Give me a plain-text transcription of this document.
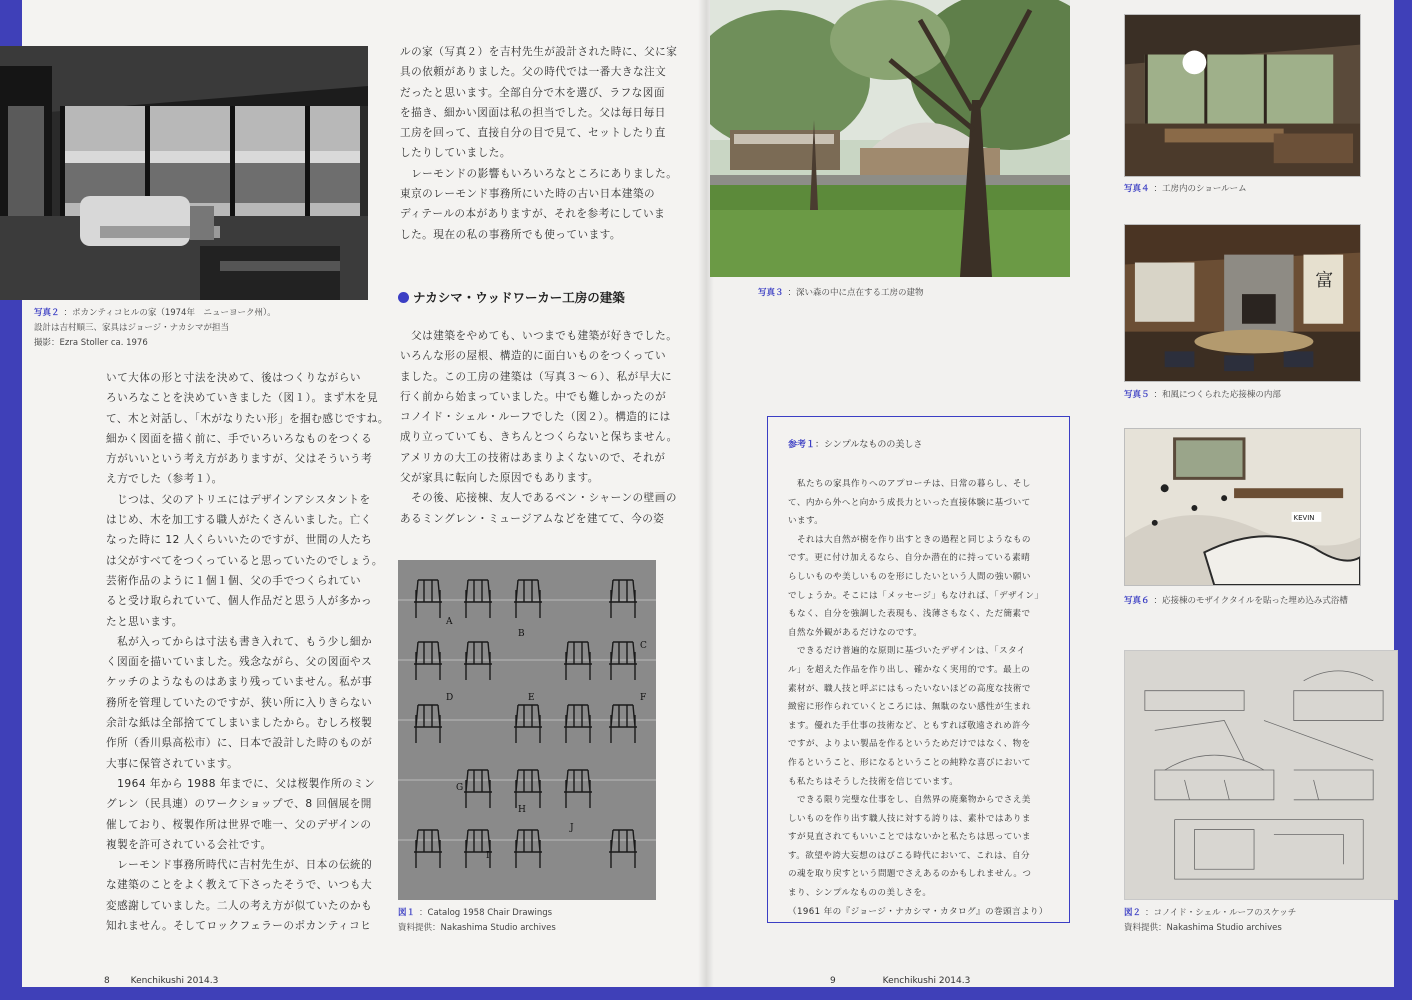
写真２ ：ポカンティコヒルの家（1974年　ニューヨーク州）。
設計は吉村順三、家具はジョージ・ナカシマが担当
撮影：Ezra Stoller ca. 1976

いて大体の形と寸法を決めて、後はつくりながらい

ろいろなことを決めていきました（図１）。まず木を見

て、木と対話し、「木がなりたい形」を掴む感じですね。

細かく図面を描く前に、手でいろいろなものをつくる

方がいいという考え方がありますが、父はそういう考

え方でした（参考１）。

　じつは、父のアトリエにはデザインアシスタントを

はじめ、木を加工する職人がたくさんいました。亡く

なった時に 12 人くらいいたのですが、世間の人たち

は父がすべてをつくっていると思っていたのでしょう。

芸術作品のように１個１個、父の手でつくられてい

ると受け取られていて、個人作品だと思う人が多かっ

たと思います。

　私が入ってからは寸法も書き入れて、もう少し細か

く図面を描いていました。残念ながら、父の図面やス

ケッチのようなものはあまり残っていません。私が事

務所を管理していたのですが、狭い所に入りきらない

余計な紙は全部捨ててしまいましたから。むしろ桜製

作所（香川県高松市）に、日本で設計した時のものが

大事に保管されています。

　1964 年から 1988 年までに、父は桜製作所のミン

グレン（民具連）のワークショップで、8 回個展を開

催しており、桜製作所は世界で唯一、父のデザインの

複製を許可されている会社です。

　レーモンド事務所時代に吉村先生が、日本の伝統的

な建築のことをよく教えて下さったそうで、いつも大

変感謝していました。二人の考え方が似ていたのかも

知れません。そしてロックフェラーのポカンティコヒ

ルの家（写真２）を吉村先生が設計された時に、父に家

具の依頼がありました。父の時代では一番大きな注文

だったと思います。全部自分で木を選び、ラフな図面

を描き、細かい図面は私の担当でした。父は毎日毎日

工房を回って、直接自分の目で見て、セットしたり直

したりしていました。

　レーモンドの影響もいろいろなところにありました。

東京のレーモンド事務所にいた時の古い日本建築の

ディテールの本がありますが、それを参考にしていま

した。現在の私の事務所でも使っています。

ナカシマ・ウッドワーカー工房の建築

　父は建築をやめても、いつまでも建築が好きでした。

いろんな形の屋根、構造的に面白いものをつくってい

ました。この工房の建築は（写真３〜６）、私が早大に

行く前から始まっていました。中でも難しかったのが

コノイド・シェル・ルーフでした（図２）。構造的には

成り立っていても、きちんとつくらないと保ちません。

アメリカの大工の技術はあまりよくないので、それが

父が家具に転向した原因でもあります。

　その後、応接棟、友人であるベン・シャーンの壁画の

あるミングレン・ミュージアムなどを建てて、今の姿

A
B
C
D	E	F
G
H
I
J
図１ ：Catalog 1958 Chair Drawings
資料提供：Nakashima Studio archives
8 Kenchikushi 2014.3
写真３ ：深い森の中に点在する工房の建物
写真４ ：工房内のショールーム
富
写真５ ：和風につくられた応接棟の内部
KEVIN
写真６ ：応接棟のモザイクタイルを貼った埋め込み式浴槽
図２ ：コノイド・シェル・ルーフのスケッチ
資料提供：Nakashima Studio archives
参考１：シンプルなものの美しさ

　私たちの家具作りへのアプローチは、日常の暮らし、そし

て、内から外へと向かう成長力といった直接体験に基づいて

います。

　それは大自然が樹を作り出すときの過程と同じようなもの

です。更に付け加えるなら、自分か潜在的に持っている素晴

らしいものや美しいものを形にしたいという人間の強い願い

でしょうか。そこには「メッセージ」もなければ、「デザイン」

もなく、自分を強調した表現も、浅薄さもなく、ただ簡素で

自然な外観があるだけなのです。

　できるだけ普遍的な原則に基づいたデザインは、「スタイ

ル」を超えた作品を作り出し、確かなく実用的です。最上の

素材が、職人技と呼ぶにはもったいないほどの高度な技術で

緻密に形作られていくところには、無駄のない感性が生まれ

ます。優れた手仕事の技術など、ともすれば敬遠されめ許今

ですが、よりよい製品を作るというためだけではなく、物を

作るということ、形になるということの純粋な喜びにおいて

も私たちはそうした技術を信じています。

　できる限り完璧な仕事をし、自然界の廃棄物からでさえ美

しいものを作り出す職人技に対する誇りは、素朴ではありま

すが見直されてもいいことではないかと私たちは思っていま

す。欲望や誇大妄想のはびこる時代において、これは、自分

の魂を取り戻すという問題でさえあるのかもしれません。つ

まり、シンプルなものの美しさを。

（1961 年の『ジョージ・ナカシマ・カタログ』の巻頭言より）

9	Kenchikushi 2014.3
